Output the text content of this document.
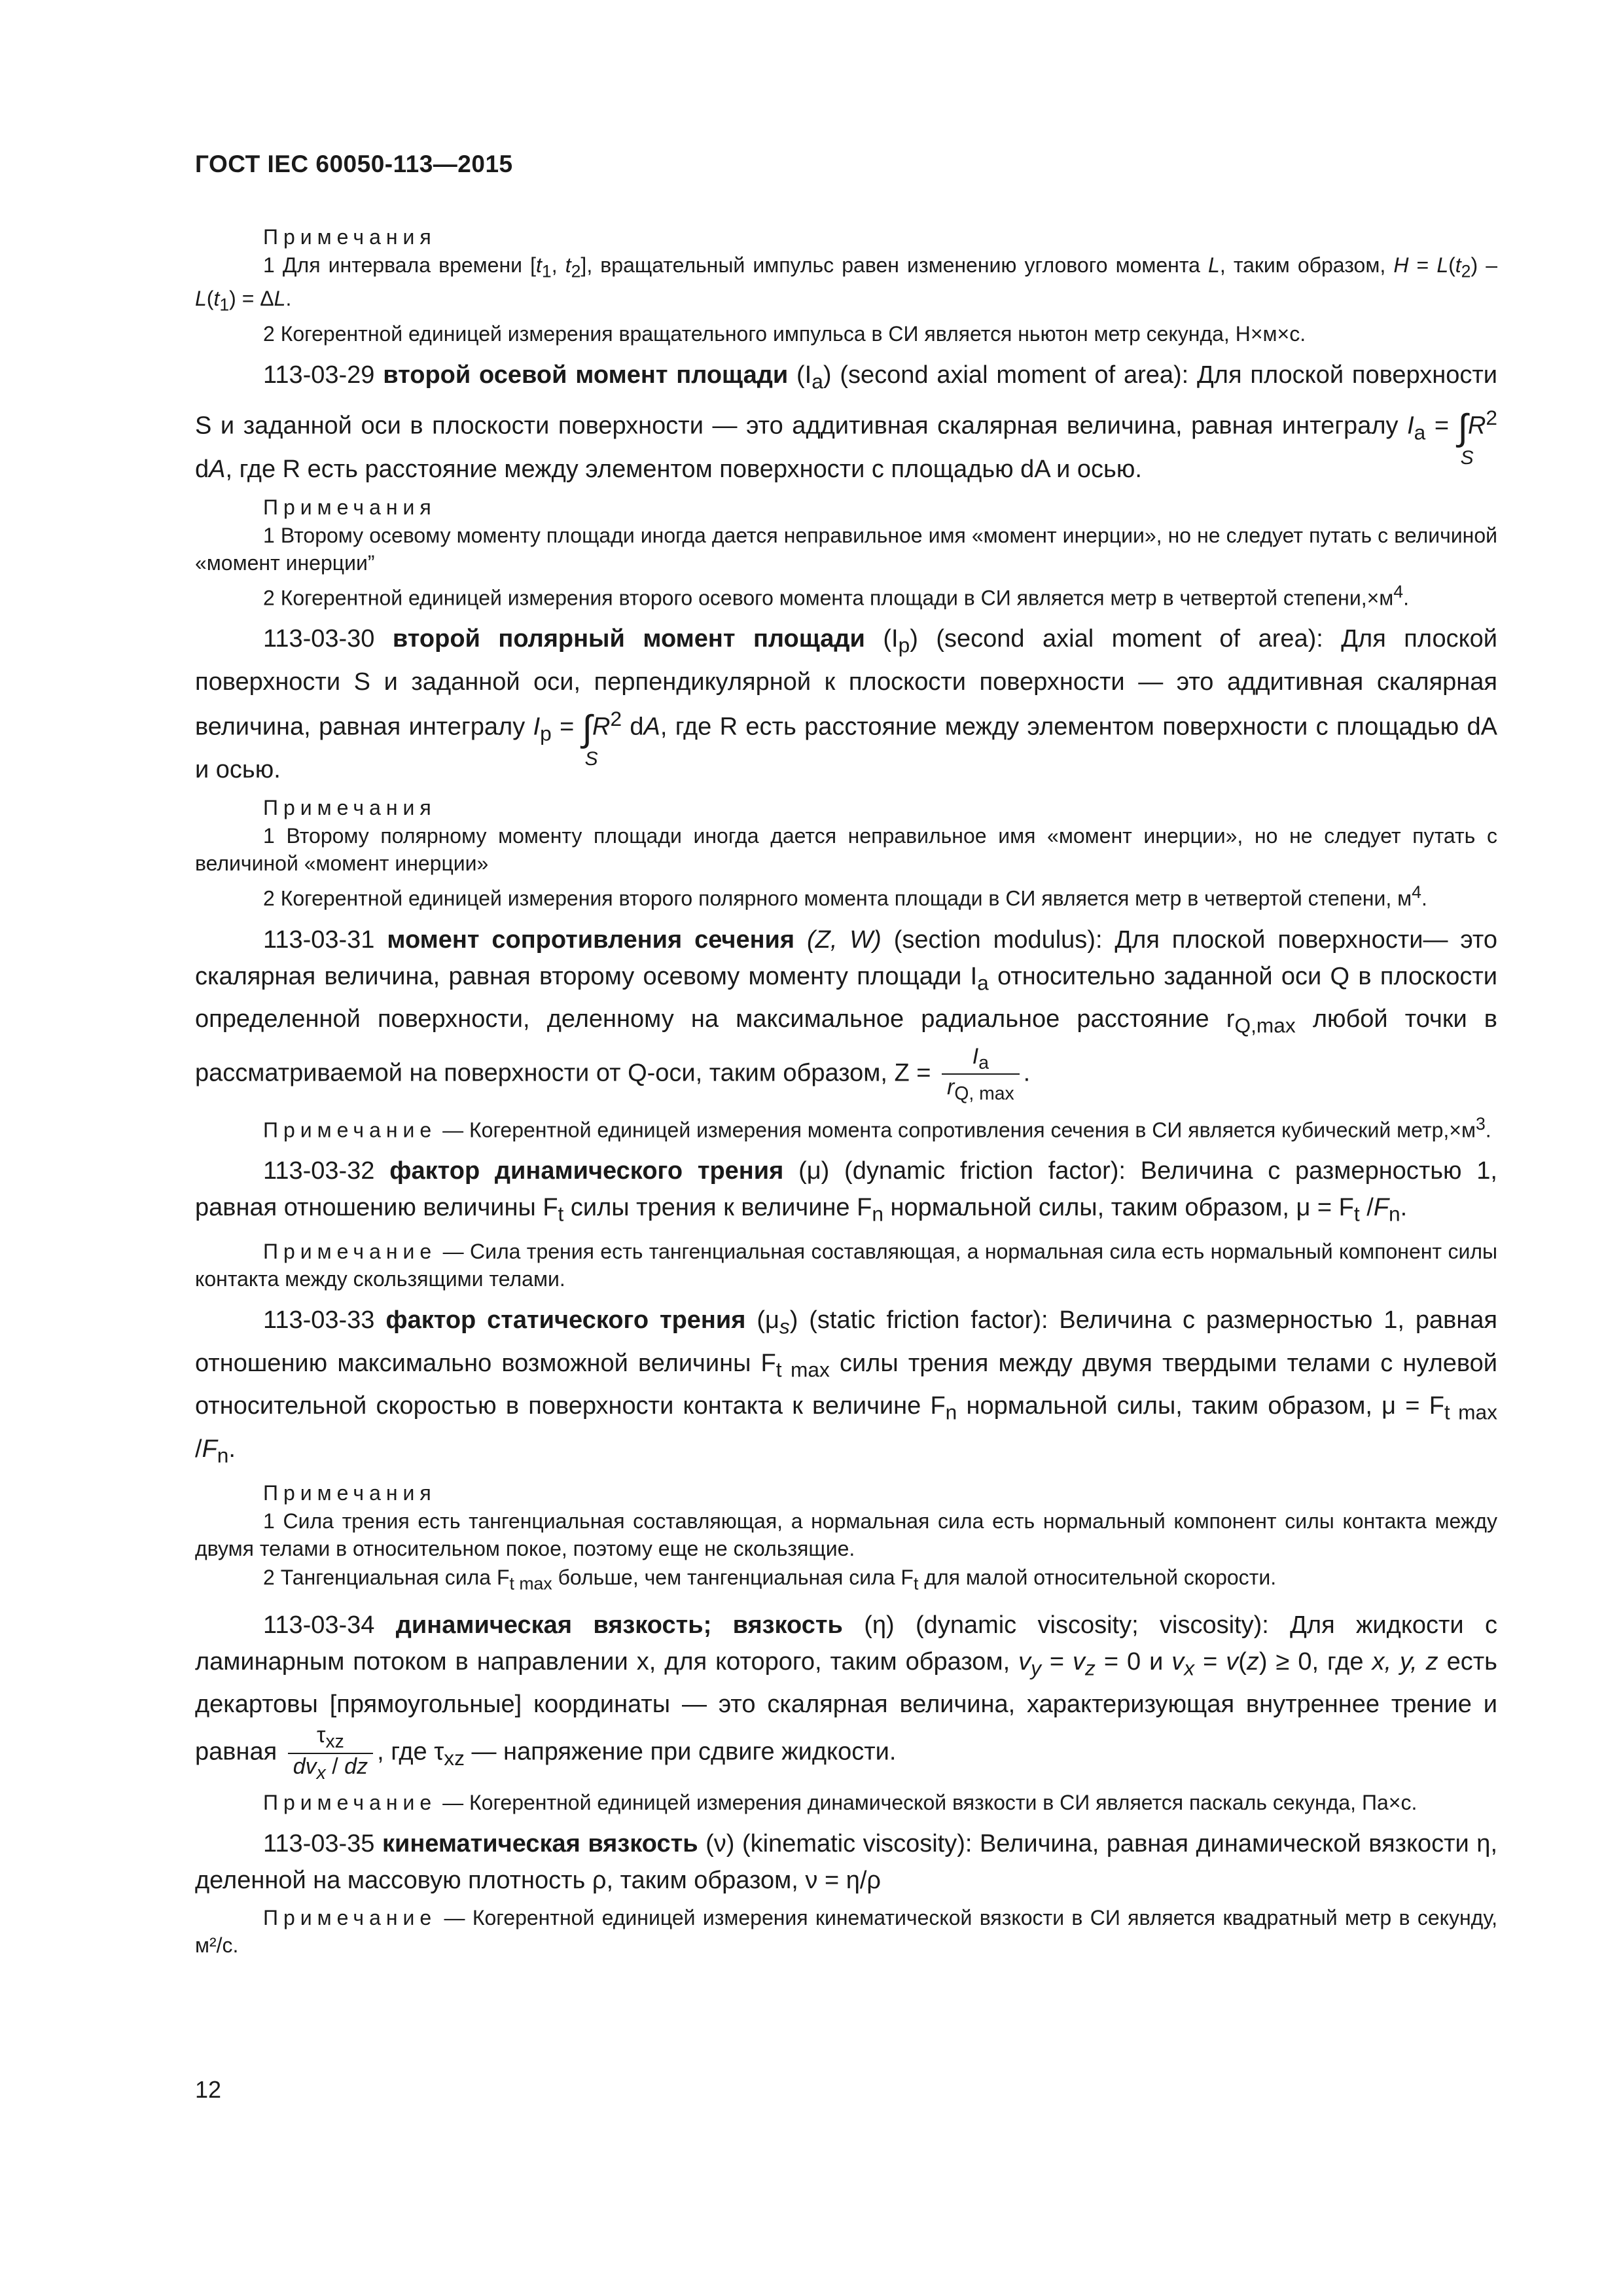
ГОСТ IEC 60050-113—2015
Примечания

1 Для интервала времени [$t_1$, $t_2$], вращательный импульс равен изменению углового момента L, таким образом, $H = L(t_2) - L(t_1) = \Delta L$.

2 Когерентной единицей измерения вращательного импульса в СИ является ньютон метр секунда, Н×м×с.

113-03-29 второй осевой момент площади $(I_a)$ (second axial moment of area): Для плоской поверхности S и заданной оси в плоскости поверхности — это аддитивная скалярная величина, равная интегралу $I_a$ = ∫
S
$R^2$ dA, где R есть расстояние между элементом поверхности с площадью dA и осью.

Примечания

1 Второму осевому моменту площади иногда дается неправильное имя «момент инерции», но не следует путать с величиной «момент инерции”

2 Когерентной единицей измерения второго осевого момента площади в СИ является метр в четвертой $степени,\times м^4$.

113-03-30 второй полярный момент площади $(I_p)$ (second axial moment of area): Для плоской поверхности S и заданной оси, перпендикулярной к плоскости поверхности — это аддитивная скалярная величина, равная интегралу $I_p$ = ∫
S
$R^2$ dA, где R есть расстояние между элементом поверхности с площадью dA и осью.

Примечания

1 Второму полярному моменту площади иногда дается неправильное имя «момент инерции», но не следует путать с величиной «момент инерции»

2 Когерентной единицей измерения второго полярного момента площади в СИ является метр в четвертой степени, $м^4$.

113-03-31 момент сопротивления сечения (Z, W) (section modulus): Для плоской поверхности— это скалярная величина, равная второму осевому моменту площади $I_a$ относительно заданной оси Q в плоскости определенной поверхности, деленному на максимальное радиальное расстояние $r_{Q,max}$ любой точки в рассматриваемой на поверхности от Q-оси, таким образом, $Z = \frac{I_a}{r_{Q, max}}$ .

Примечание — Когерентной единицей измерения момента сопротивления сечения в СИ является кубический $метр,\times м^3$.

113-03-32 фактор динамического трения (μ) (dynamic friction factor): Величина с размерностью 1, равная отношению величины $F_t$ силы трения к величине $F_n$ нормальной силы, таким образом, $\mu = F_t$ $/F_n$.

Примечание — Сила трения есть тангенциальная составляющая, а нормальная сила есть нормальный компонент силы контакта между скользящими телами.

113-03-33 фактор статического трения $(\mu_s)$ (static friction factor): Величина с размерностью 1, равная отношению максимально возможной величины $F_{t max}$ силы трения между двумя твердыми телами с нулевой относительной скоростью в поверхности контакта к величине $F_n$ нормальной силы, таким образом, $\mu = F_{t max}$ $/F_n$.

Примечания

1 Сила трения есть тангенциальная составляющая, а нормальная сила есть нормальный компонент силы контакта между двумя телами в относительном покое, поэтому еще не скользящие.

2 Тангенциальная сила $F_{t max}$ больше, чем тангенциальная сила $F_t$ для малой относительной скорости.

113-03-34 динамическая вязкость; вязкость (η) (dynamic viscosity; viscosity): Для жидкости с ламинарным потоком в направлении x, для которого, таким образом, $v_y = v_z = 0$ и $v_x = v(z) \ge 0$, где x, y, z есть декартовы [прямоугольные] координаты — это скалярная величина, характеризующая внутреннее трение и равная $\frac{\tau_{xz}}{dv_x / dz}$ , где $\tau_{xz}$ — напряжение при сдвиге жидкости.

Примечание — Когерентной единицей измерения динамической вязкости в СИ является паскаль секунда, Па×с.

113-03-35 кинематическая вязкость (ν) (kinematic viscosity): Величина, равная динамической вязкости η, деленной на массовую плотность ρ, таким образом, ν = η/ρ

Примечание — Когерентной единицей измерения кинематической вязкости в СИ является квадратный метр в секунду, м²/с.

12
